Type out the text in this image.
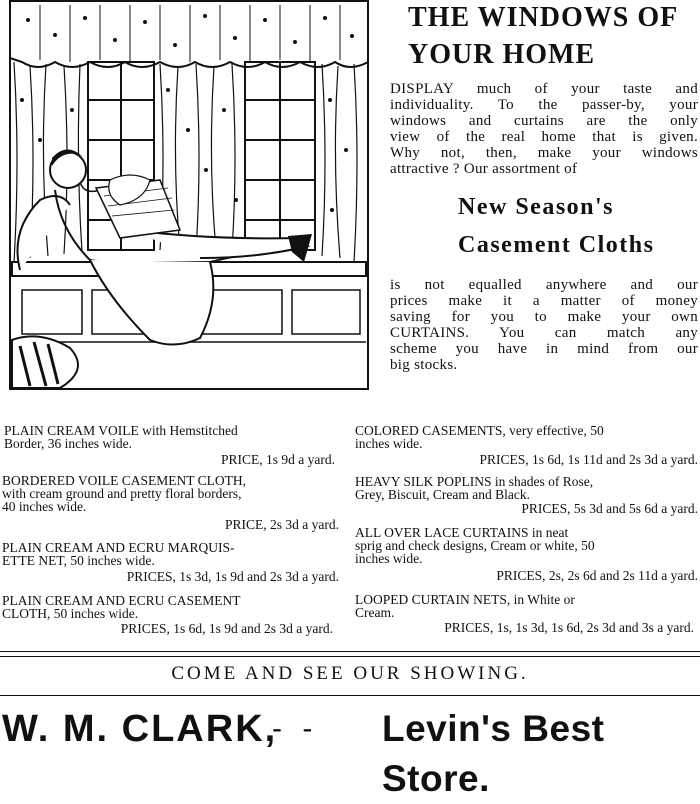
THE WINDOWS OF
YOUR HOME
DISPLAY much of your taste and
individuality. To the passer-by, your
windows and curtains are the only
view of the real home that is given.
Why not, then, make your windows
attractive ? Our assortment of
New Season's
Casement Cloths
is not equalled anywhere and our
prices make it a matter of money
saving for you to make your own
CURTAINS. You can match any
scheme you have in mind from our
big stocks.
PLAIN CREAM VOILE with Hemstitched
Border, 36 inches wide.
PRICE, 1s 9d a yard.
BORDERED VOILE CASEMENT CLOTH,
with cream ground and pretty floral borders,
40 inches wide.
PRICE, 2s 3d a yard.
PLAIN CREAM AND ECRU MARQUIS-
ETTE NET, 50 inches wide.
PRICES, 1s 3d, 1s 9d and 2s 3d a yard.
PLAIN CREAM AND ECRU CASEMENT
CLOTH, 50 inches wide.
PRICES, 1s 6d, 1s 9d and 2s 3d a yard.
COLORED CASEMENTS, very effective, 50
inches wide.
PRICES, 1s 6d, 1s 11d and 2s 3d a yard.
HEAVY SILK POPLINS in shades of Rose,
Grey, Biscuit, Cream and Black.
PRICES, 5s 3d and 5s 6d a yard.
ALL OVER LACE CURTAINS in neat
sprig and check designs, Cream or white, 50
inches wide.
PRICES, 2s, 2s 6d and 2s 11d a yard.
LOOPED CURTAIN NETS, in White or
Cream.
PRICES, 1s, 1s 3d, 1s 6d, 2s 3d and 3s a yard.
COME AND SEE OUR SHOWING.
W. M. CLARK,
- - Levin's Best Store.
